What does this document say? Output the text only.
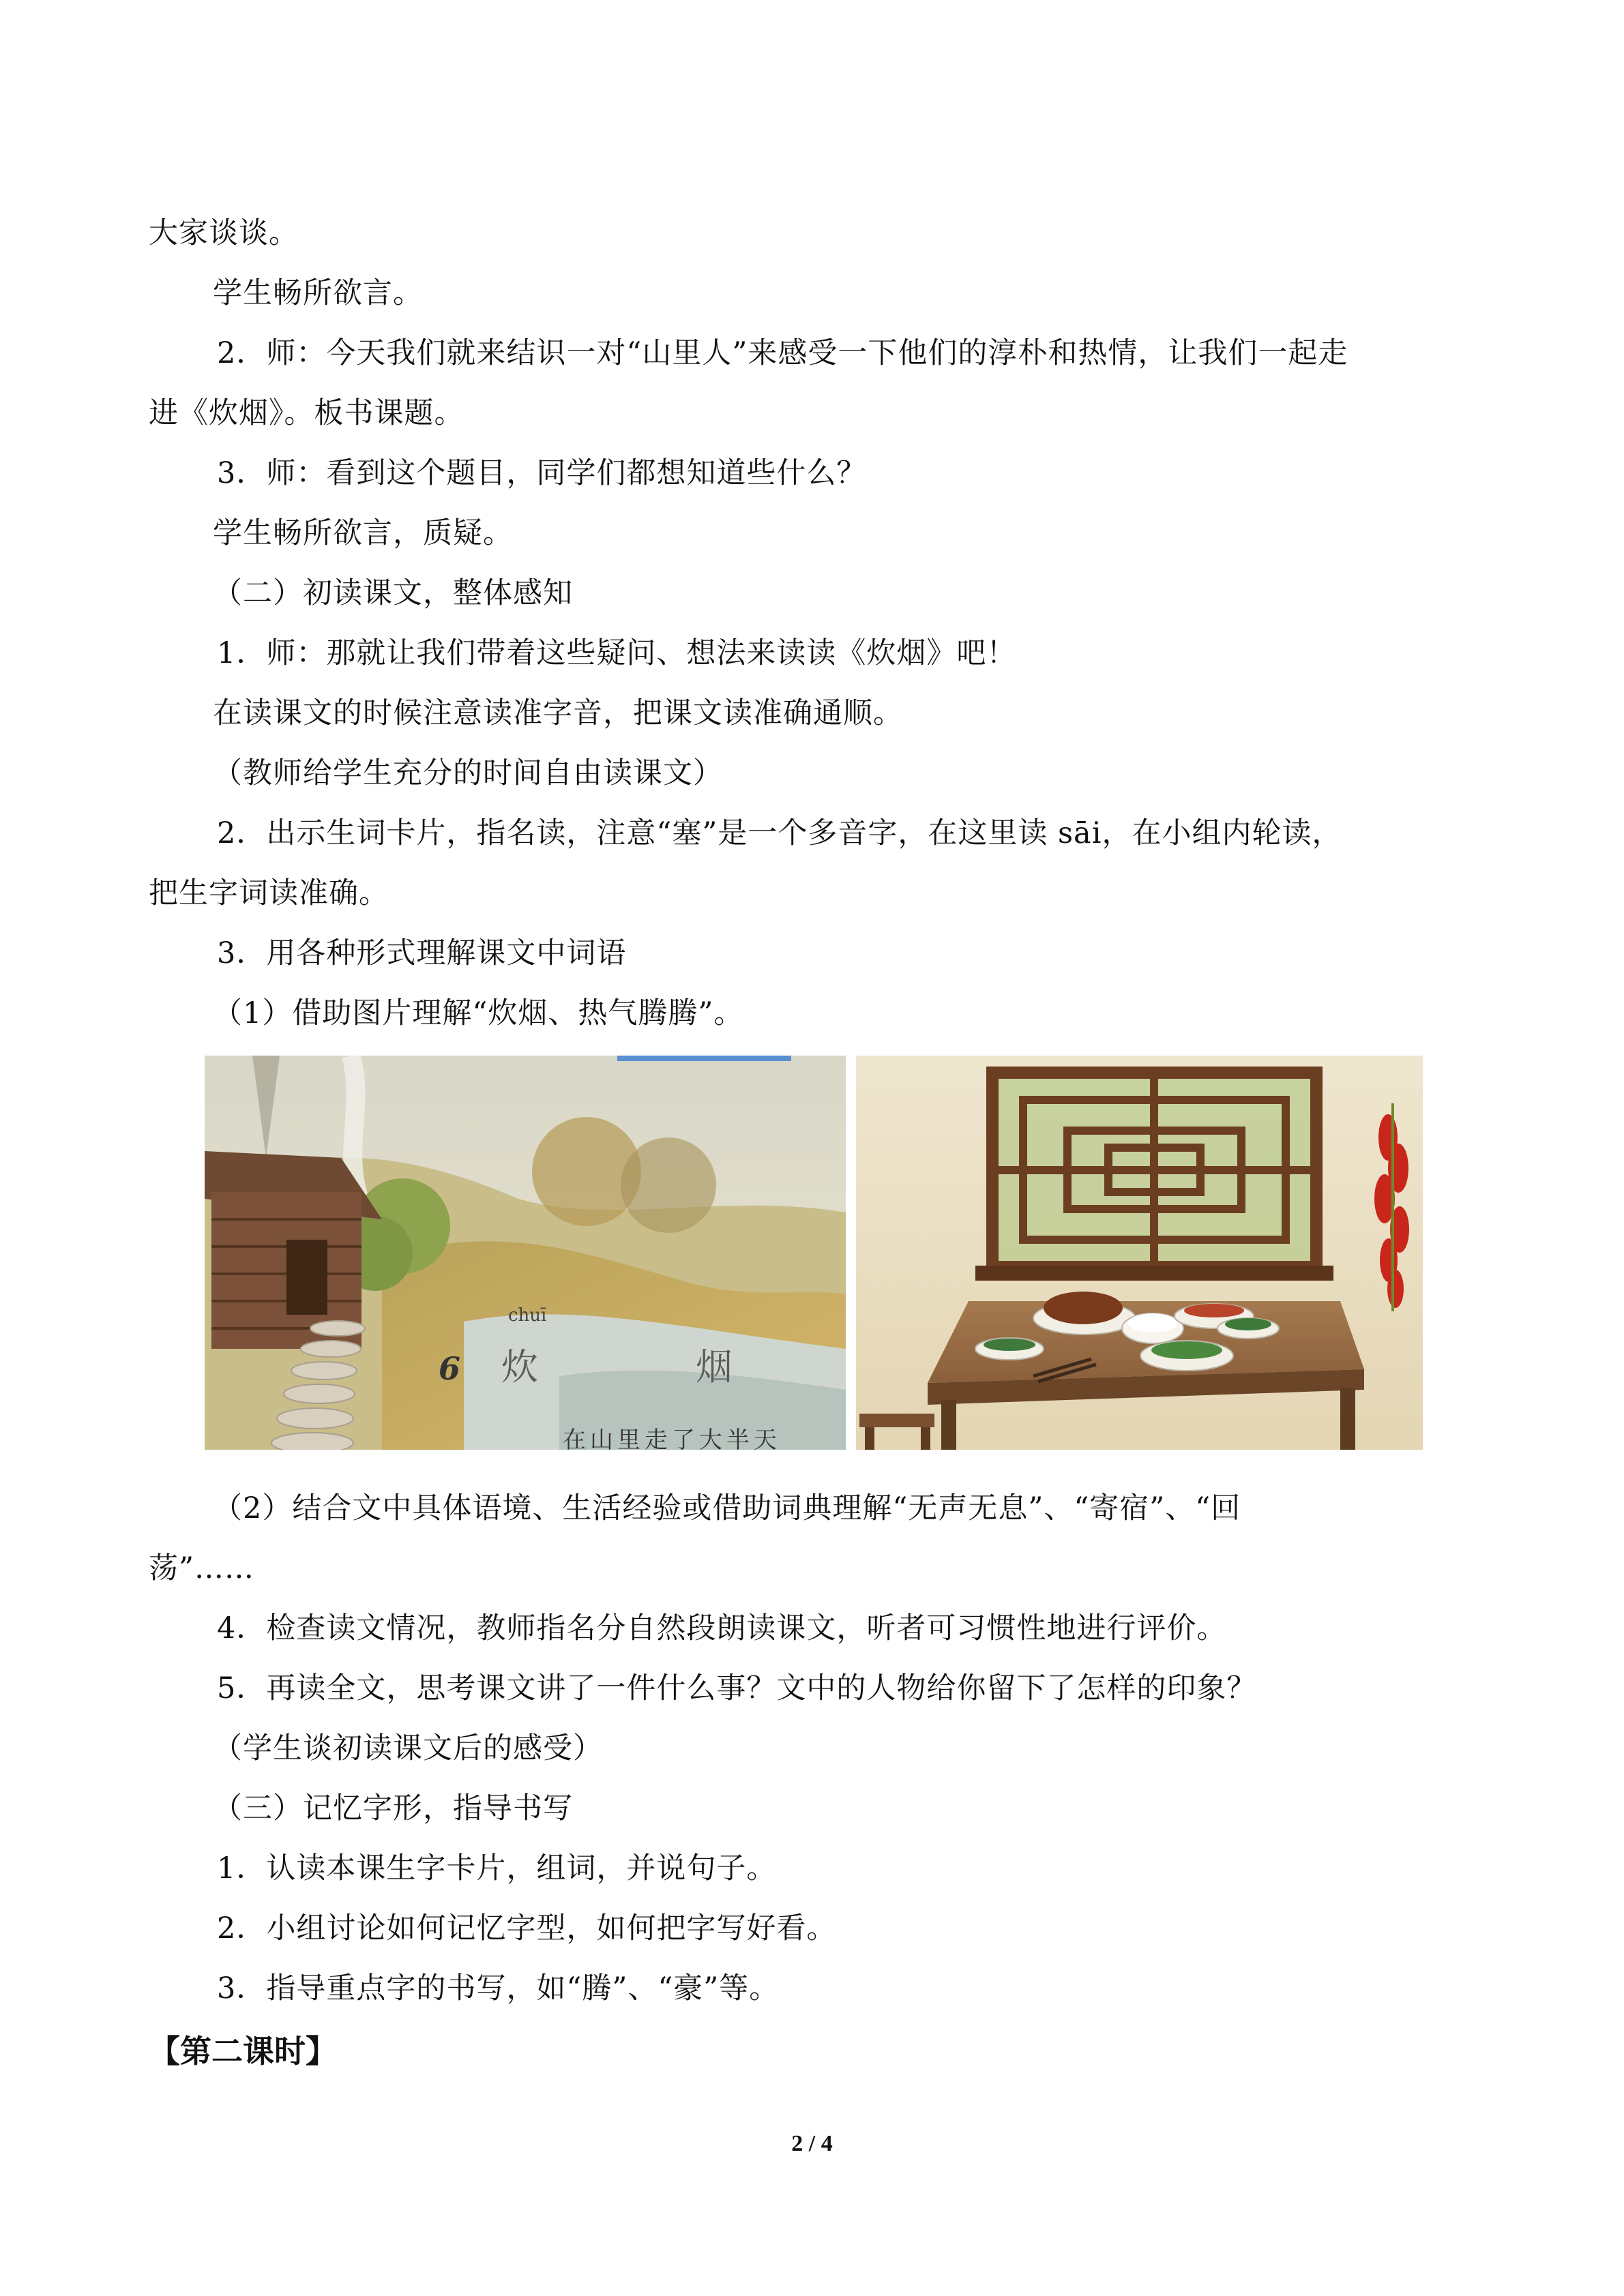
大家谈谈。
学生畅所欲言。
2．师：今天我们就来结识一对“山里人”来感受一下他们的淳朴和热情，让我们一起走
进《炊烟》。板书课题。
3．师：看到这个题目，同学们都想知道些什么？
学生畅所欲言，质疑。
（二）初读课文，整体感知
1．师：那就让我们带着这些疑问、想法来读读《炊烟》吧！
在读课文的时候注意读准字音，把课文读准确通顺。
（教师给学生充分的时间自由读课文）
2．出示生词卡片，指名读，注意“塞”是一个多音字，在这里读 sāi，在小组内轮读，
把生字词读准确。
3．用各种形式理解课文中词语
（1）借助图片理解“炊烟、热气腾腾”。
chuī
炊	烟
6
在山里走了大半天
（2）结合文中具体语境、生活经验或借助词典理解“无声无息”、“寄宿”、“回
荡”……
4．检查读文情况，教师指名分自然段朗读课文，听者可习惯性地进行评价。
5．再读全文，思考课文讲了一件什么事？文中的人物给你留下了怎样的印象？
（学生谈初读课文后的感受）
（三）记忆字形，指导书写
1．认读本课生字卡片，组词，并说句子。
2．小组讨论如何记忆字型，如何把字写好看。
3．指导重点字的书写，如“腾”、“豪”等。
【第二课时】
2 / 4
